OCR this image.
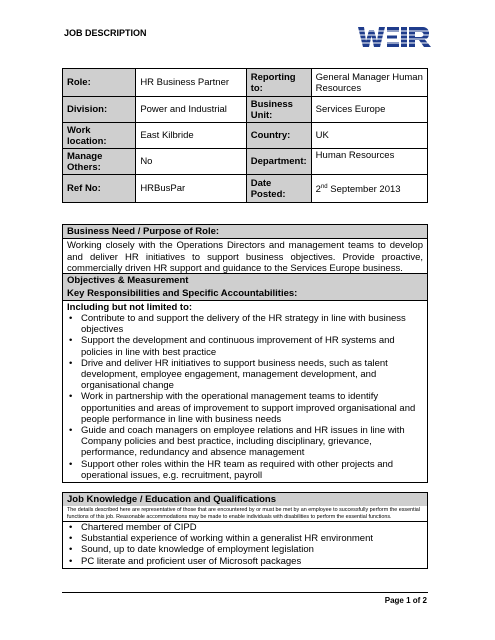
JOB DESCRIPTION
Role:	HR Business Partner	Reporting to:	General Manager Human Resources
Division:	Power and Industrial	Business Unit:	Services Europe
Work location:	East Kilbride	Country:	UK
Manage Others:	No	Department:	Human Resources
Ref No:	HRBusPar	Date Posted:	2nd September 2013
Business Need / Purpose of Role:
Working closely with the Operations Directors and management teams to develop and deliver HR initiatives to support business objectives. Provide proactive, commercially driven HR support and guidance to the Services Europe business.
Objectives & Measurement
Key Responsibilities and Specific Accountabilities:
Including but not limited to:
• Contribute to and support the delivery of the HR strategy in line with business objectives
• Support the development and continuous improvement of HR systems and policies in line with best practice
• Drive and deliver HR initiatives to support business needs, such as talent development, employee engagement, management development, and organisational change
• Work in partnership with the operational management teams to identify opportunities and areas of improvement to support improved organisational and people performance in line with business needs
• Guide and coach managers on employee relations and HR issues in line with Company policies and best practice, including disciplinary, grievance, performance, redundancy and absence management
• Support other roles within the HR team as required with other projects and operational issues, e.g. recruitment, payroll
Job Knowledge / Education and Qualifications
The details described here are representative of those that are encountered by or must be met by an employee to successfully perform the essential functions of this job. Reasonable accommodations may be made to enable individuals with disabilities to perform the essential functions.
• Chartered member of CIPD
• Substantial experience of working within a generalist HR environment
• Sound, up to date knowledge of employment legislation
• PC literate and proficient user of Microsoft packages
Page 1 of 2
